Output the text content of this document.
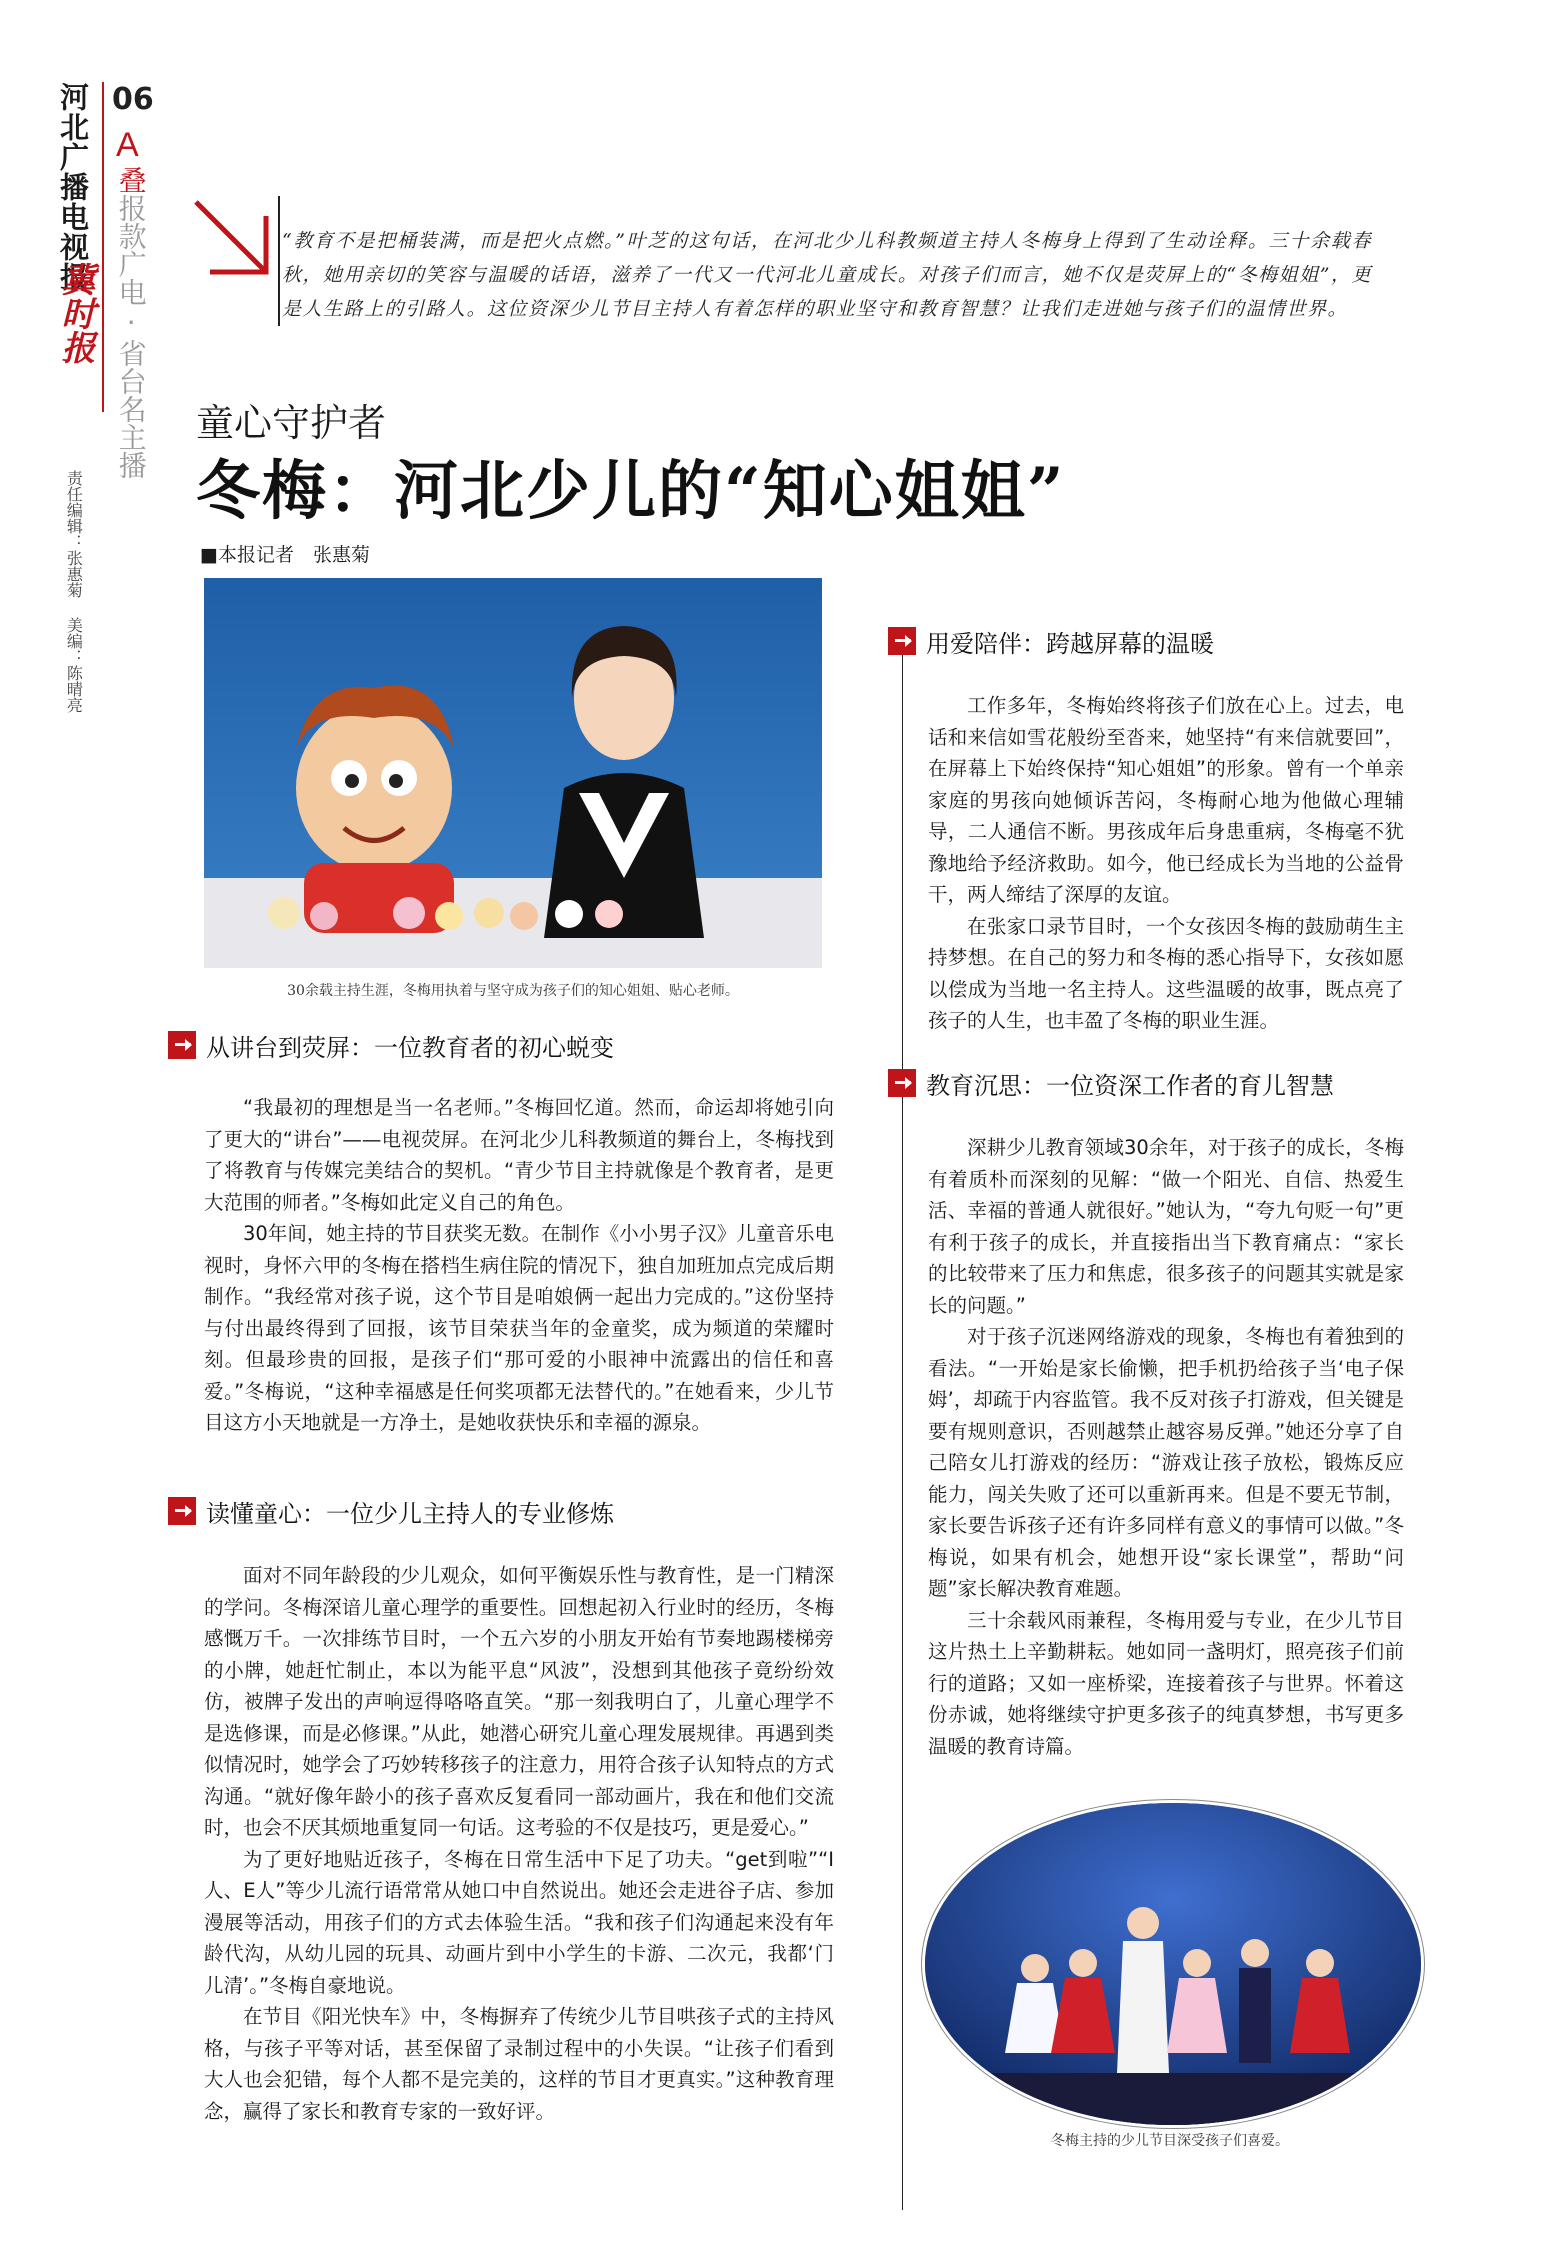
河北广播电视报
冀时报
06
A
叠报款广电·省台名主播
责任编辑：张惠菊 美编：陈晴亮
“教育不是把桶装满，而是把火点燃。”叶芝的这句话，在河北少儿科教频道主持人冬梅身上得到了生动诠释。三十余载春秋，她用亲切的笑容与温暖的话语，滋养了一代又一代河北儿童成长。对孩子们而言，她不仅是荧屏上的“冬梅姐姐”，更是人生路上的引路人。这位资深少儿节目主持人有着怎样的职业坚守和教育智慧？让我们走进她与孩子们的温情世界。
童心守护者
冬梅：河北少儿的“知心姐姐”
■本报记者　张惠菊
30余载主持生涯，冬梅用执着与坚守成为孩子们的知心姐姐、贴心老师。
从讲台到荧屏：一位教育者的初心蜕变

“我最初的理想是当一名老师。”冬梅回忆道。然而，命运却将她引向了更大的“讲台”——电视荧屏。在河北少儿科教频道的舞台上，冬梅找到了将教育与传媒完美结合的契机。“青少节目主持就像是个教育者，是更大范围的师者。”冬梅如此定义自己的角色。

30年间，她主持的节目获奖无数。在制作《小小男子汉》儿童音乐电视时，身怀六甲的冬梅在搭档生病住院的情况下，独自加班加点完成后期制作。“我经常对孩子说，这个节目是咱娘俩一起出力完成的。”这份坚持与付出最终得到了回报，该节目荣获当年的金童奖，成为频道的荣耀时刻。但最珍贵的回报，是孩子们“那可爱的小眼神中流露出的信任和喜爱。”冬梅说，“这种幸福感是任何奖项都无法替代的。”在她看来，少儿节目这方小天地就是一方净土，是她收获快乐和幸福的源泉。

读懂童心：一位少儿主持人的专业修炼

面对不同年龄段的少儿观众，如何平衡娱乐性与教育性，是一门精深的学问。冬梅深谙儿童心理学的重要性。回想起初入行业时的经历，冬梅感慨万千。一次排练节目时，一个五六岁的小朋友开始有节奏地踢楼梯旁的小牌，她赶忙制止，本以为能平息“风波”，没想到其他孩子竟纷纷效仿，被牌子发出的声响逗得咯咯直笑。“那一刻我明白了，儿童心理学不是选修课，而是必修课。”从此，她潜心研究儿童心理发展规律。再遇到类似情况时，她学会了巧妙转移孩子的注意力，用符合孩子认知特点的方式沟通。“就好像年龄小的孩子喜欢反复看同一部动画片，我在和他们交流时，也会不厌其烦地重复同一句话。这考验的不仅是技巧，更是爱心。”

为了更好地贴近孩子，冬梅在日常生活中下足了功夫。“get到啦”“I人、E人”等少儿流行语常常从她口中自然说出。她还会走进谷子店、参加漫展等活动，用孩子们的方式去体验生活。“我和孩子们沟通起来没有年龄代沟，从幼儿园的玩具、动画片到中小学生的卡游、二次元，我都‘门儿清’。”冬梅自豪地说。

在节目《阳光快车》中，冬梅摒弃了传统少儿节目哄孩子式的主持风格，与孩子平等对话，甚至保留了录制过程中的小失误。“让孩子们看到大人也会犯错，每个人都不是完美的，这样的节目才更真实。”这种教育理念，赢得了家长和教育专家的一致好评。

用爱陪伴：跨越屏幕的温暖

工作多年，冬梅始终将孩子们放在心上。过去，电话和来信如雪花般纷至沓来，她坚持“有来信就要回”，在屏幕上下始终保持“知心姐姐”的形象。曾有一个单亲家庭的男孩向她倾诉苦闷，冬梅耐心地为他做心理辅导，二人通信不断。男孩成年后身患重病，冬梅毫不犹豫地给予经济救助。如今，他已经成长为当地的公益骨干，两人缔结了深厚的友谊。

在张家口录节目时，一个女孩因冬梅的鼓励萌生主持梦想。在自己的努力和冬梅的悉心指导下，女孩如愿以偿成为当地一名主持人。这些温暖的故事，既点亮了孩子的人生，也丰盈了冬梅的职业生涯。

教育沉思：一位资深工作者的育儿智慧

深耕少儿教育领域30余年，对于孩子的成长，冬梅有着质朴而深刻的见解：“做一个阳光、自信、热爱生活、幸福的普通人就很好。”她认为，“夸九句贬一句”更有利于孩子的成长，并直接指出当下教育痛点：“家长的比较带来了压力和焦虑，很多孩子的问题其实就是家长的问题。”

对于孩子沉迷网络游戏的现象，冬梅也有着独到的看法。“一开始是家长偷懒，把手机扔给孩子当‘电子保姆’，却疏于内容监管。我不反对孩子打游戏，但关键是要有规则意识，否则越禁止越容易反弹。”她还分享了自己陪女儿打游戏的经历：“游戏让孩子放松，锻炼反应能力，闯关失败了还可以重新再来。但是不要无节制，家长要告诉孩子还有许多同样有意义的事情可以做。”冬梅说，如果有机会，她想开设“家长课堂”，帮助“问题”家长解决教育难题。

三十余载风雨兼程，冬梅用爱与专业，在少儿节目这片热土上辛勤耕耘。她如同一盏明灯，照亮孩子们前行的道路；又如一座桥梁，连接着孩子与世界。怀着这份赤诚，她将继续守护更多孩子的纯真梦想，书写更多温暖的教育诗篇。

冬梅主持的少儿节目深受孩子们喜爱。
